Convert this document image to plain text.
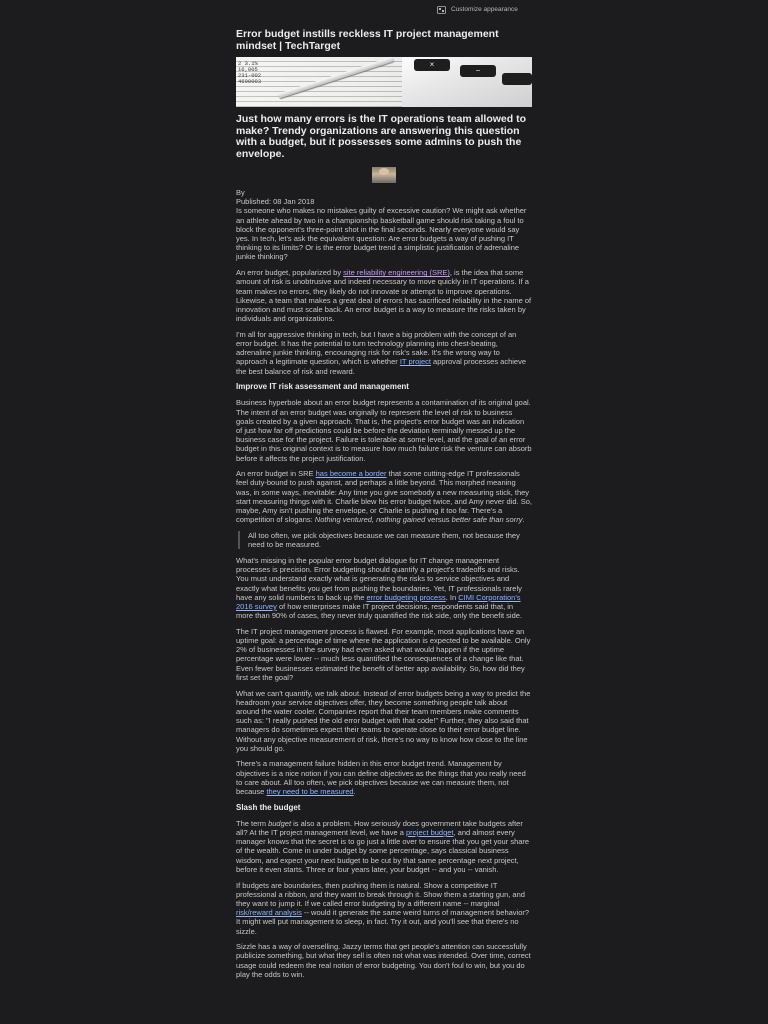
Customize appearance
Error budget instills reckless IT project management mindset | TechTarget
2 3.1%
16,005
231-002
4690003
×
−
Just how many errors is the IT operations team allowed to make? Trendy organizations are answering this question with a budget, but it possesses some admins to push the envelope.
By
Published: 08 Jan 2018

Is someone who makes no mistakes guilty of excessive caution? We might ask whether an athlete ahead by two in a championship basketball game should risk taking a foul to block the opponent's three-point shot in the final seconds. Nearly everyone would say yes. In tech, let's ask the equivalent question: Are error budgets a way of pushing IT thinking to its limits? Or is the error budget trend a simplistic justification of adrenaline junkie thinking?

An error budget, popularized by site reliability engineering (SRE), is the idea that some amount of risk is unobtrusive and indeed necessary to move quickly in IT operations. If a team makes no errors, they likely do not innovate or attempt to improve operations. Likewise, a team that makes a great deal of errors has sacrificed reliability in the name of innovation and must scale back. An error budget is a way to measure the risks taken by individuals and organizations.

I'm all for aggressive thinking in tech, but I have a big problem with the concept of an error budget. It has the potential to turn technology planning into chest-beating, adrenaline junkie thinking, encouraging risk for risk's sake. It's the wrong way to approach a legitimate question, which is whether IT project approval processes achieve the best balance of risk and reward.

Improve IT risk assessment and management

Business hyperbole about an error budget represents a contamination of its original goal. The intent of an error budget was originally to represent the level of risk to business goals created by a given approach. That is, the project's error budget was an indication of just how far off predictions could be before the deviation terminally messed up the business case for the project. Failure is tolerable at some level, and the goal of an error budget in this original context is to measure how much failure risk the venture can absorb before it affects the project justification.

An error budget in SRE has become a border that some cutting-edge IT professionals feel duty-bound to push against, and perhaps a little beyond. This morphed meaning was, in some ways, inevitable: Any time you give somebody a new measuring stick, they start measuring things with it. Charlie blew his error budget twice, and Amy never did. So, maybe, Amy isn't pushing the envelope, or Charlie is pushing it too far. There's a competition of slogans: Nothing ventured, nothing gained versus better safe than sorry.

All too often, we pick objectives because we can measure them, not because they need to be measured.

What's missing in the popular error budget dialogue for IT change management processes is precision. Error budgeting should quantify a project's tradeoffs and risks. You must understand exactly what is generating the risks to service objectives and exactly what benefits you get from pushing the boundaries. Yet, IT professionals rarely have any solid numbers to back up the error budgeting process. In CIMI Corporation's 2016 survey of how enterprises make IT project decisions, respondents said that, in more than 90% of cases, they never truly quantified the risk side, only the benefit side.

The IT project management process is flawed. For example, most applications have an uptime goal: a percentage of time where the application is expected to be available. Only 2% of businesses in the survey had even asked what would happen if the uptime percentage were lower -- much less quantified the consequences of a change like that. Even fewer businesses estimated the benefit of better app availability. So, how did they first set the goal?

What we can't quantify, we talk about. Instead of error budgets being a way to predict the headroom your service objectives offer, they become something people talk about around the water cooler. Companies report that their team members make comments such as: "I really pushed the old error budget with that code!" Further, they also said that managers do sometimes expect their teams to operate close to their error budget line. Without any objective measurement of risk, there's no way to know how close to the line you should go.

There's a management failure hidden in this error budget trend. Management by objectives is a nice notion if you can define objectives as the things that you really need to care about. All too often, we pick objectives because we can measure them, not because they need to be measured.

Slash the budget

The term budget is also a problem. How seriously does government take budgets after all? At the IT project management level, we have a project budget, and almost every manager knows that the secret is to go just a little over to ensure that you get your share of the wealth. Come in under budget by some percentage, says classical business wisdom, and expect your next budget to be cut by that same percentage next project, before it even starts. Three or four years later, your budget -- and you -- vanish.

If budgets are boundaries, then pushing them is natural. Show a competitive IT professional a ribbon, and they want to break through it. Show them a starting gun, and they want to jump it. If we called error budgeting by a different name -- marginal risk/reward analysis -- would it generate the same weird turns of management behavior? It might well put management to sleep, in fact. Try it out, and you'll see that there's no sizzle.

Sizzle has a way of overselling. Jazzy terms that get people's attention can successfully publicize something, but what they sell is often not what was intended. Over time, correct usage could redeem the real notion of error budgeting. You don't foul to win, but you do play the odds to win.
